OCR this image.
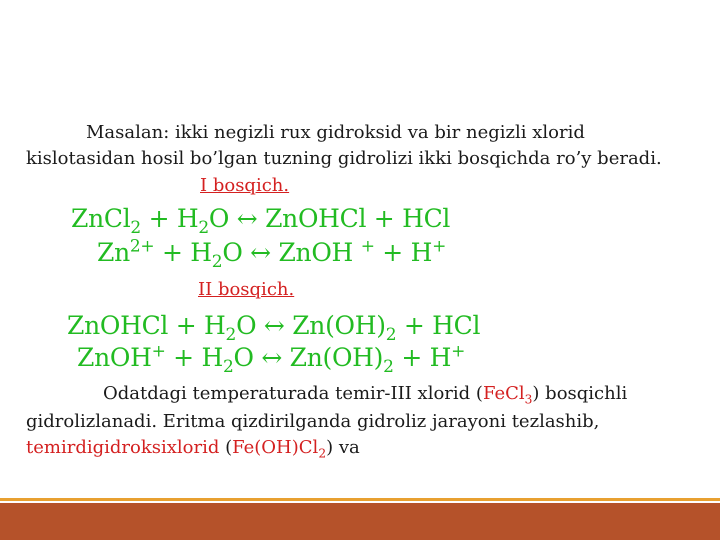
Masalan: ikki negizli rux gidroksid va bir negizli xlorid
kislotasidan hosil bo’lgan tuzning gidrolizi ikki bosqichda ro’y beradi.
I bosqich.
ZnCl$_2$ + $H_2O$ ↔ ZnOHCl + HCl
$Zn^{2+} + H_2O$ ↔ ZnOH + + H+
II bosqich.
ZnOHCl + $H_2O$ ↔ $Zn(OH)_2$ + HCl
ZnOH+ + $H_2O$ ↔ $Zn(OH)_2 + H^+$
Odatdagi temperaturada temir-III xlorid (FeCl$_3$) bosqichli
gidrolizlanadi. Eritma qizdirilganda gidroliz jarayoni tezlashib,
temirdigidroksixlorid $(Fe(OH)Cl_2)$ va
